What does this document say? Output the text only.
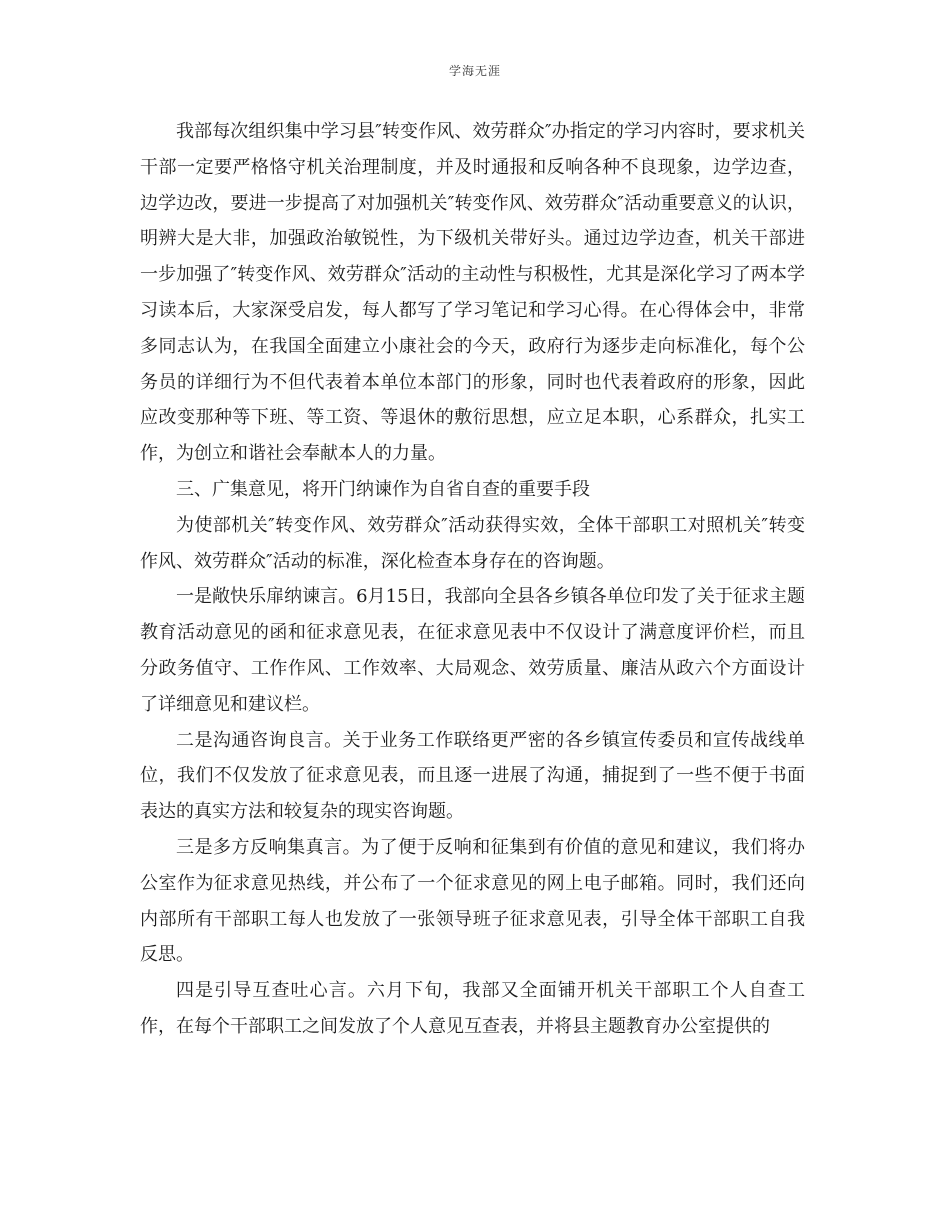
学海无涯

我部每次组织集中学习县″转变作风、效劳群众″办指定的学习内容时，要求机关干部一定要严格恪守机关治理制度，并及时通报和反响各种不良现象，边学边查，边学边改，要进一步提高了对加强机关″转变作风、效劳群众″活动重要意义的认识，明辨大是大非，加强政治敏锐性，为下级机关带好头。通过边学边查，机关干部进一步加强了″转变作风、效劳群众″活动的主动性与积极性，尤其是深化学习了两本学习读本后，大家深受启发，每人都写了学习笔记和学习心得。在心得体会中，非常多同志认为，在我国全面建立小康社会的今天，政府行为逐步走向标准化，每个公务员的详细行为不但代表着本单位本部门的形象，同时也代表着政府的形象，因此应改变那种等下班、等工资、等退休的敷衍思想，应立足本职，心系群众，扎实工作，为创立和谐社会奉献本人的力量。

三、广集意见，将开门纳谏作为自省自查的重要手段

为使部机关″转变作风、效劳群众″活动获得实效，全体干部职工对照机关″转变作风、效劳群众″活动的标准，深化检查本身存在的咨询题。

一是敞快乐扉纳谏言。6月15日，我部向全县各乡镇各单位印发了关于征求主题教育活动意见的函和征求意见表，在征求意见表中不仅设计了满意度评价栏，而且分政务值守、工作作风、工作效率、大局观念、效劳质量、廉洁从政六个方面设计了详细意见和建议栏。

二是沟通咨询良言。关于业务工作联络更严密的各乡镇宣传委员和宣传战线单位，我们不仅发放了征求意见表，而且逐一进展了沟通，捕捉到了一些不便于书面表达的真实方法和较复杂的现实咨询题。

三是多方反响集真言。为了便于反响和征集到有价值的意见和建议，我们将办公室作为征求意见热线，并公布了一个征求意见的网上电子邮箱。同时，我们还向内部所有干部职工每人也发放了一张领导班子征求意见表，引导全体干部职工自我反思。

四是引导互查吐心言。六月下旬，我部又全面铺开机关干部职工个人自查工作，在每个干部职工之间发放了个人意见互查表，并将县主题教育办公室提供的
